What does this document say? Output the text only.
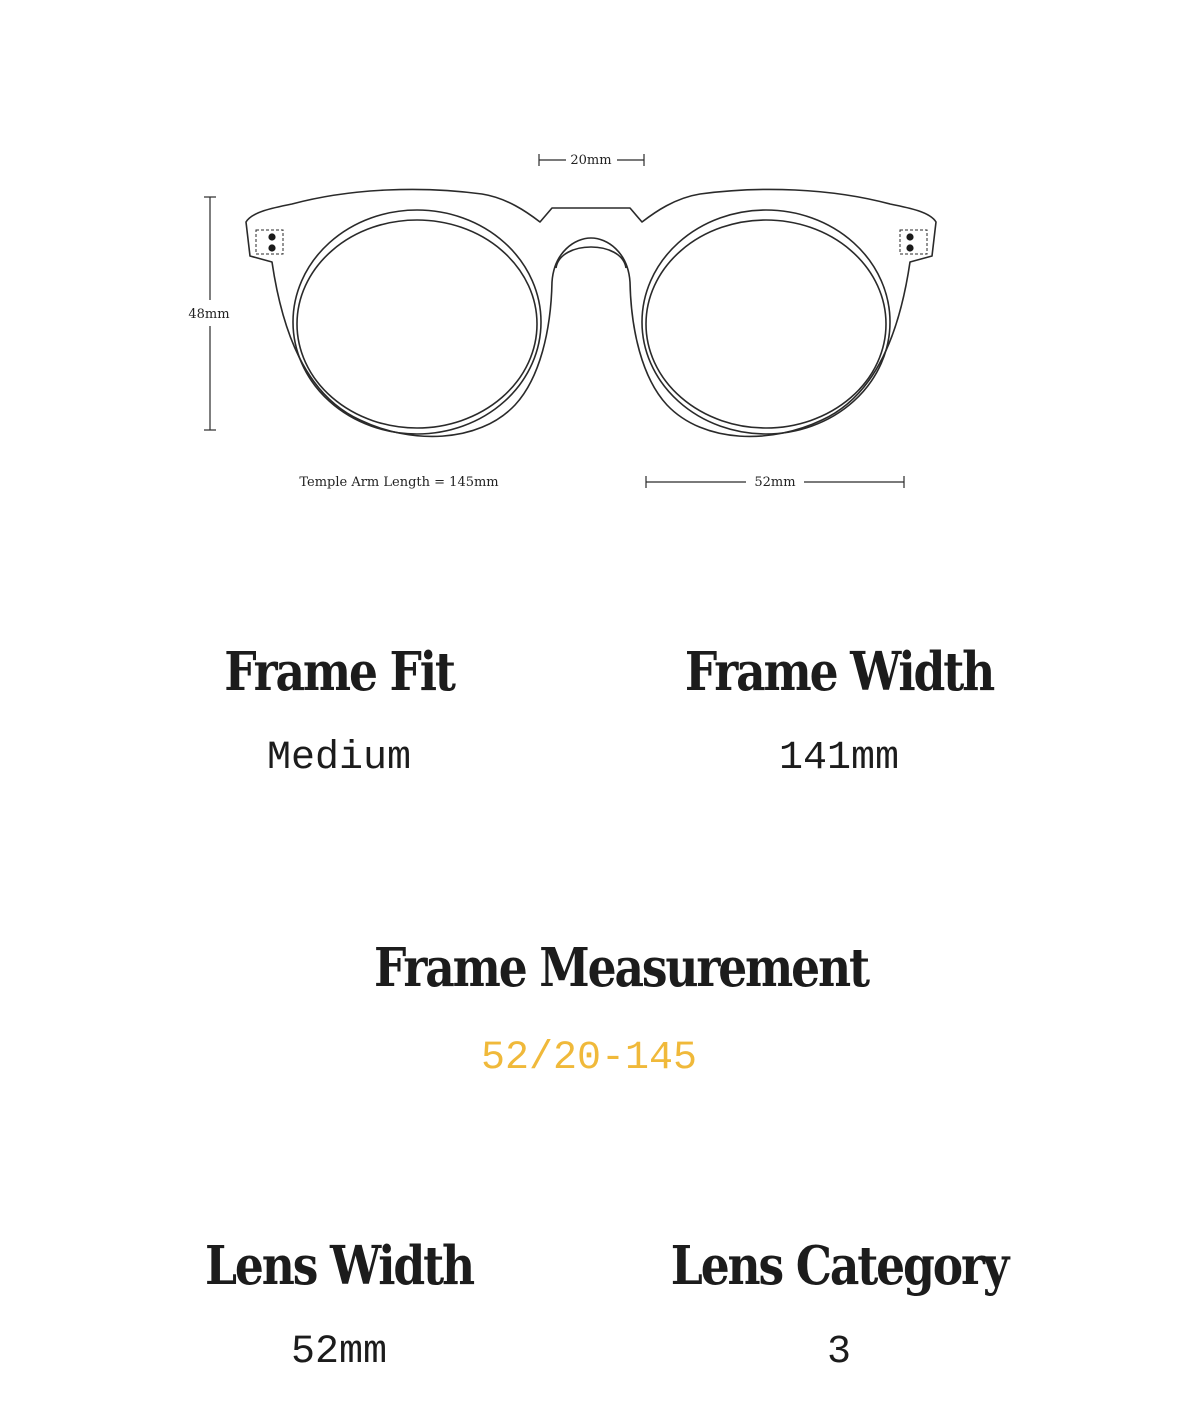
20mm
48mm
52mm
Temple Arm Length = 145mm
Frame Fit
Medium
Frame Width
141mm
Frame Measurement
52/20-145
Lens Width
52mm
Lens Category
3
